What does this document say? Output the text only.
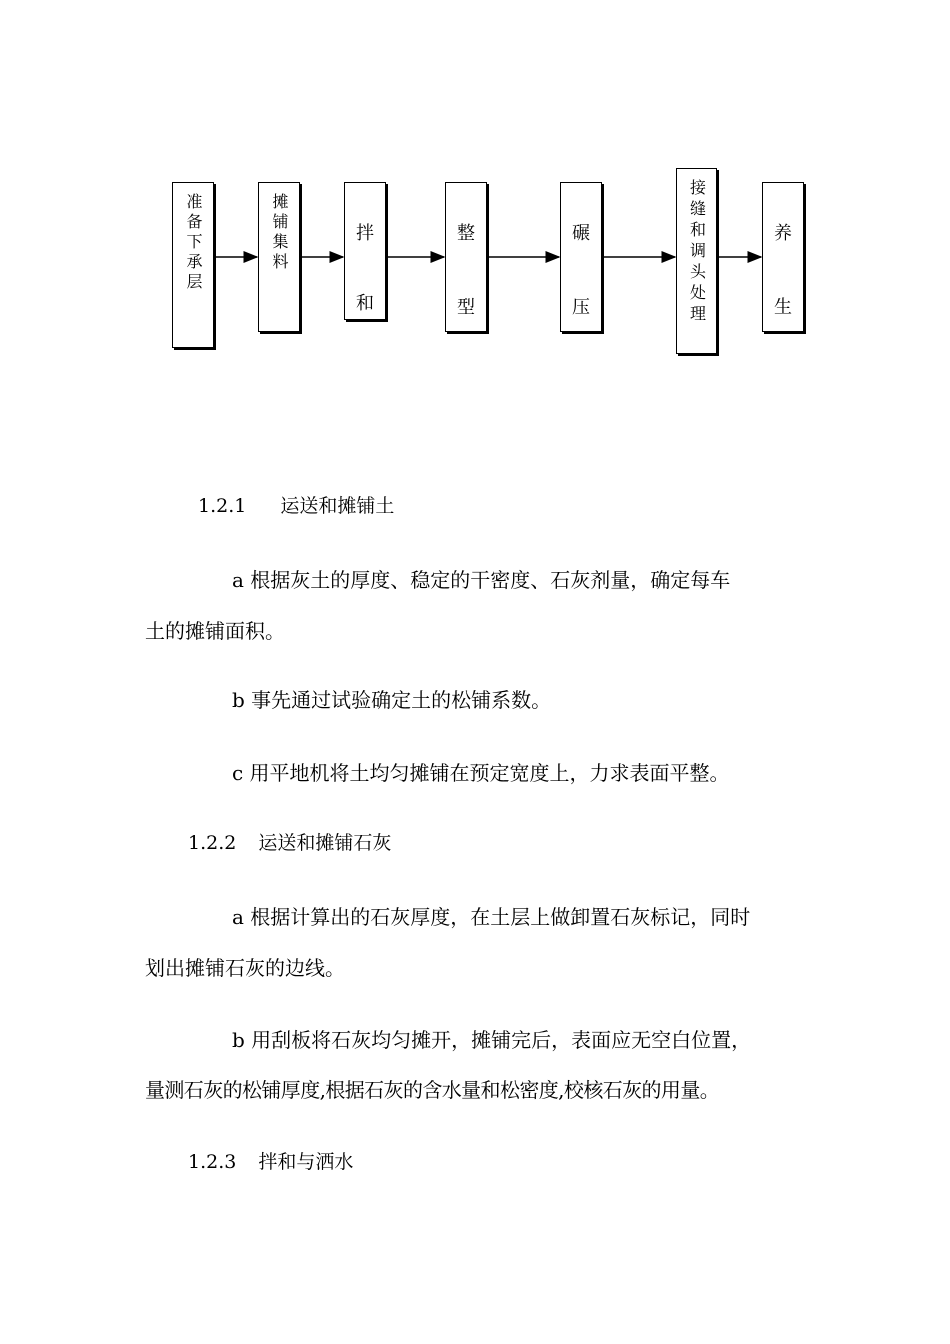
准备下承层	摊铺集料	拌
和
整
型
碾
压	接缝和调头处理	养
生
1.2.1 运送和摊铺土
a 根据灰土的厚度、稳定的干密度、石灰剂量，确定每车
土的摊铺面积。
b 事先通过试验确定土的松铺系数。
c 用平地机将土均匀摊铺在预定宽度上，力求表面平整。
1.2.2 运送和摊铺石灰
a 根据计算出的石灰厚度，在土层上做卸置石灰标记，同时
划出摊铺石灰的边线。
b 用刮板将石灰均匀摊开，摊铺完后，表面应无空白位置，
量测石灰的松铺厚度,根据石灰的含水量和松密度,校核石灰的用量。
1.2.3 拌和与洒水
